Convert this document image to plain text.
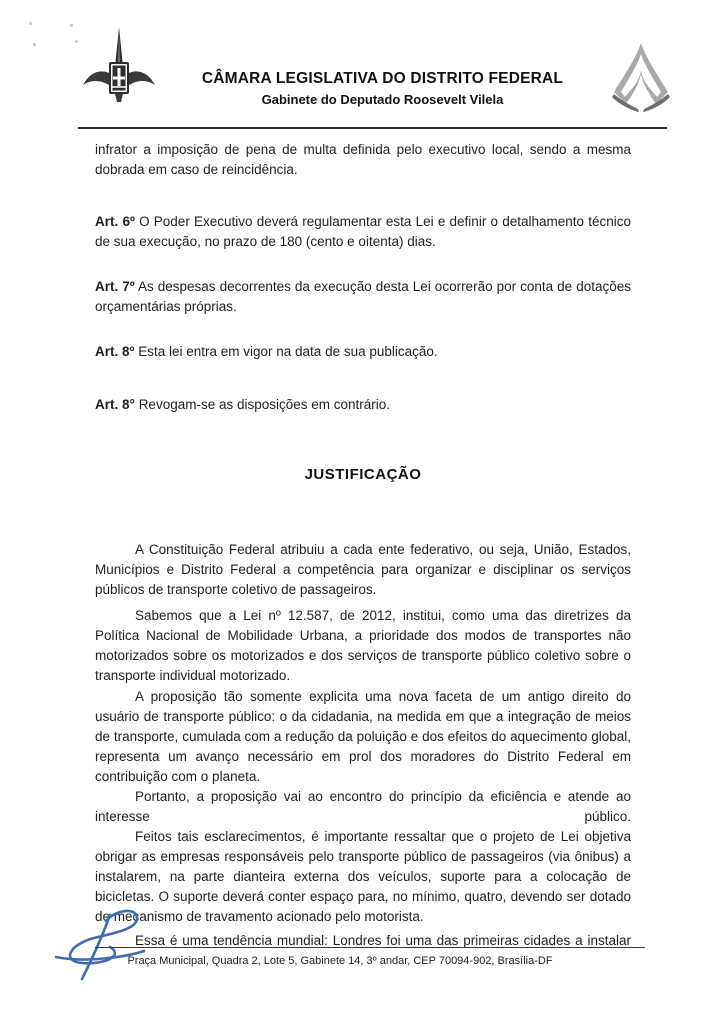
CÂMARA LEGISLATIVA DO DISTRITO FEDERAL
Gabinete do Deputado Roosevelt Vilela

infrator a imposição de pena de multa definida pelo executivo local, sendo a mesma dobrada em caso de reincidência.

Art. 6º O Poder Executivo deverá regulamentar esta Lei e definir o detalhamento técnico de sua execução, no prazo de 180 (cento e oitenta) dias.

Art. 7º As despesas decorrentes da execução desta Lei ocorrerão por conta de dotações orçamentárias próprias.

Art. 8º Esta lei entra em vigor na data de sua publicação.

Art. 8° Revogam-se as disposições em contrário.

JUSTIFICAÇÃO

A Constituição Federal atribuiu a cada ente federativo, ou seja, União, Estados, Municípios e Distrito Federal a competência para organizar e disciplinar os serviços públicos de transporte coletivo de passageiros.

Sabemos que a Lei nº 12.587, de 2012, institui, como uma das diretrizes da Política Nacional de Mobilidade Urbana, a prioridade dos modos de transportes não motorizados sobre os motorizados e dos serviços de transporte público coletivo sobre o transporte individual motorizado.

A proposição tão somente explicita uma nova faceta de um antigo direito do usuário de transporte público: o da cidadania, na medida em que a integração de meios de transporte, cumulada com a redução da poluição e dos efeitos do aquecimento global, representa um avanço necessário em prol dos moradores do Distrito Federal em contribuição com o planeta.

Portanto, a proposição vai ao encontro do princípio da eficiência e atende ao
interesse	público.

Feitos tais esclarecimentos, é importante ressaltar que o projeto de Lei objetiva obrigar as empresas responsáveis pelo transporte público de passageiros (via ônibus) a instalarem, na parte dianteira externa dos veículos, suporte para a colocação de bicicletas. O suporte deverá conter espaço para, no mínimo, quatro, devendo ser dotado de mecanismo de travamento acionado pelo motorista.

Essa é uma tendência mundial: Londres foi uma das primeiras cidades a instalar
Praça Municipal, Quadra 2, Lote 5, Gabinete 14, 3º andar, CEP 70094-902, Brasília-DF
